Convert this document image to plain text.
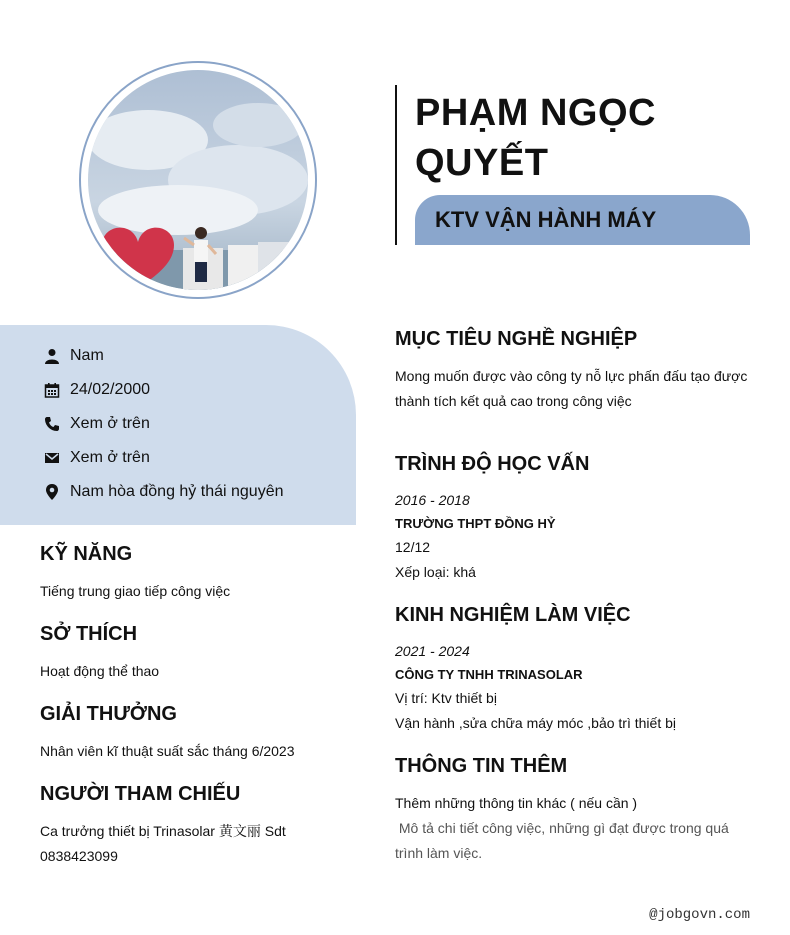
PHẠM NGỌC
QUYẾT
KTV VẬN HÀNH MÁY
Nam
24/02/2000
Xem ở trên
Xem ở trên
Nam hòa đồng hỷ thái nguyên
KỸ NĂNG
Tiếng trung giao tiếp công việc
SỞ THÍCH
Hoạt động thể thao
GIẢI THƯỞNG
Nhân viên kĩ thuật suất sắc tháng 6/2023
NGƯỜI THAM CHIẾU
Ca trưởng thiết bị Trinasolar 黄文丽 Sdt
0838423099
MỤC TIÊU NGHỀ NGHIỆP
Mong muốn được vào công ty nỗ lực phấn đấu tạo được
thành tích kết quả cao trong công việc
TRÌNH ĐỘ HỌC VẤN
2016 - 2018
TRƯỜNG THPT ĐỒNG HỶ
12/12
Xếp loại: khá
KINH NGHIỆM LÀM VIỆC
2021 - 2024
CÔNG TY TNHH TRINASOLAR
Vị trí: Ktv thiết bị
Vận hành ,sửa chữa máy móc ,bảo trì thiết bị
THÔNG TIN THÊM
Thêm những thông tin khác ( nếu cần )
Mô tả chi tiết công việc, những gì đạt được trong quá
trình làm việc.
@jobgovn.com
